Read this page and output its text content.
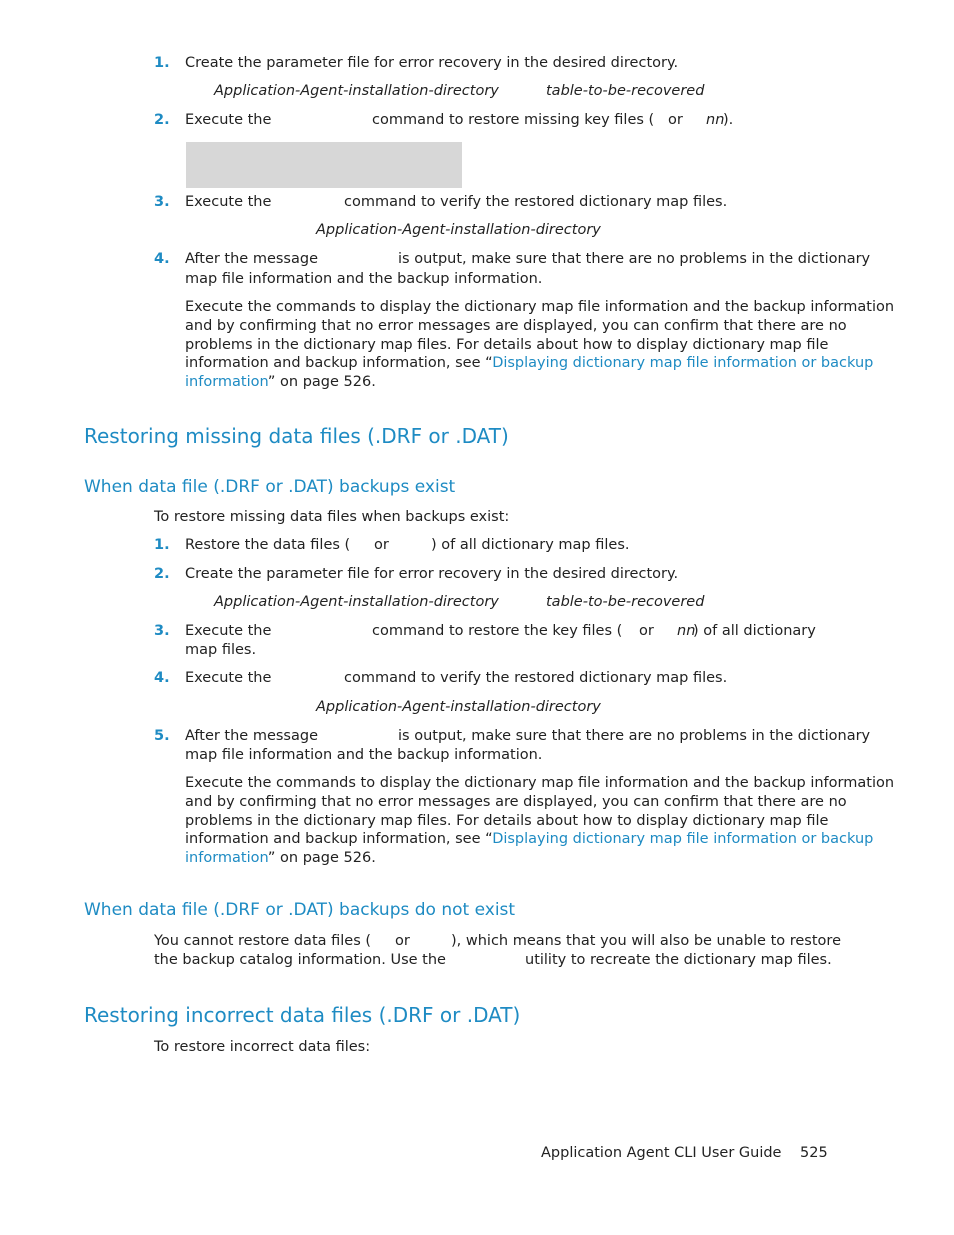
1. Create the parameter file for error recovery in the desired directory.
Application-Agent-installation-directory	table-to-be-recovered
2. Execute the	command to restore missing key files ( or nn
).
3. Execute the	command to verify the restored dictionary map files.
Application-Agent-installation-directory
4. After the message	is output, make sure that there are no problems in the dictionary
map file information and the backup information.
Execute the commands to display the dictionary map file information and the backup information
and by confirming that no error messages are displayed, you can confirm that there are no
problems in the dictionary map files. For details about how to display dictionary map file
information and backup information, see “Displaying dictionary map file information or backup
information” on page 526.
Restoring missing data files (.DRF or .DAT)
When data file (.DRF or .DAT) backups exist
To restore missing data files when backups exist:
1. Restore the data files ( or	) of all dictionary map files.
2. Create the parameter file for error recovery in the desired directory.
Application-Agent-installation-directory	table-to-be-recovered
3. Execute the	command to restore the key files ( or nn
) of all dictionary
map files.
4. Execute the	command to verify the restored dictionary map files.
Application-Agent-installation-directory
5. After the message	is output, make sure that there are no problems in the dictionary
map file information and the backup information.
Execute the commands to display the dictionary map file information and the backup information
and by confirming that no error messages are displayed, you can confirm that there are no
problems in the dictionary map files. For details about how to display dictionary map file
information and backup information, see “Displaying dictionary map file information or backup
information” on page 526.
When data file (.DRF or .DAT) backups do not exist
You cannot restore data files ( or	), which means that you will also be unable to restore
the backup catalog information. Use the	utility to recreate the dictionary map files.
Restoring incorrect data files (.DRF or .DAT)
To restore incorrect data files:
Application Agent CLI User Guide 525
